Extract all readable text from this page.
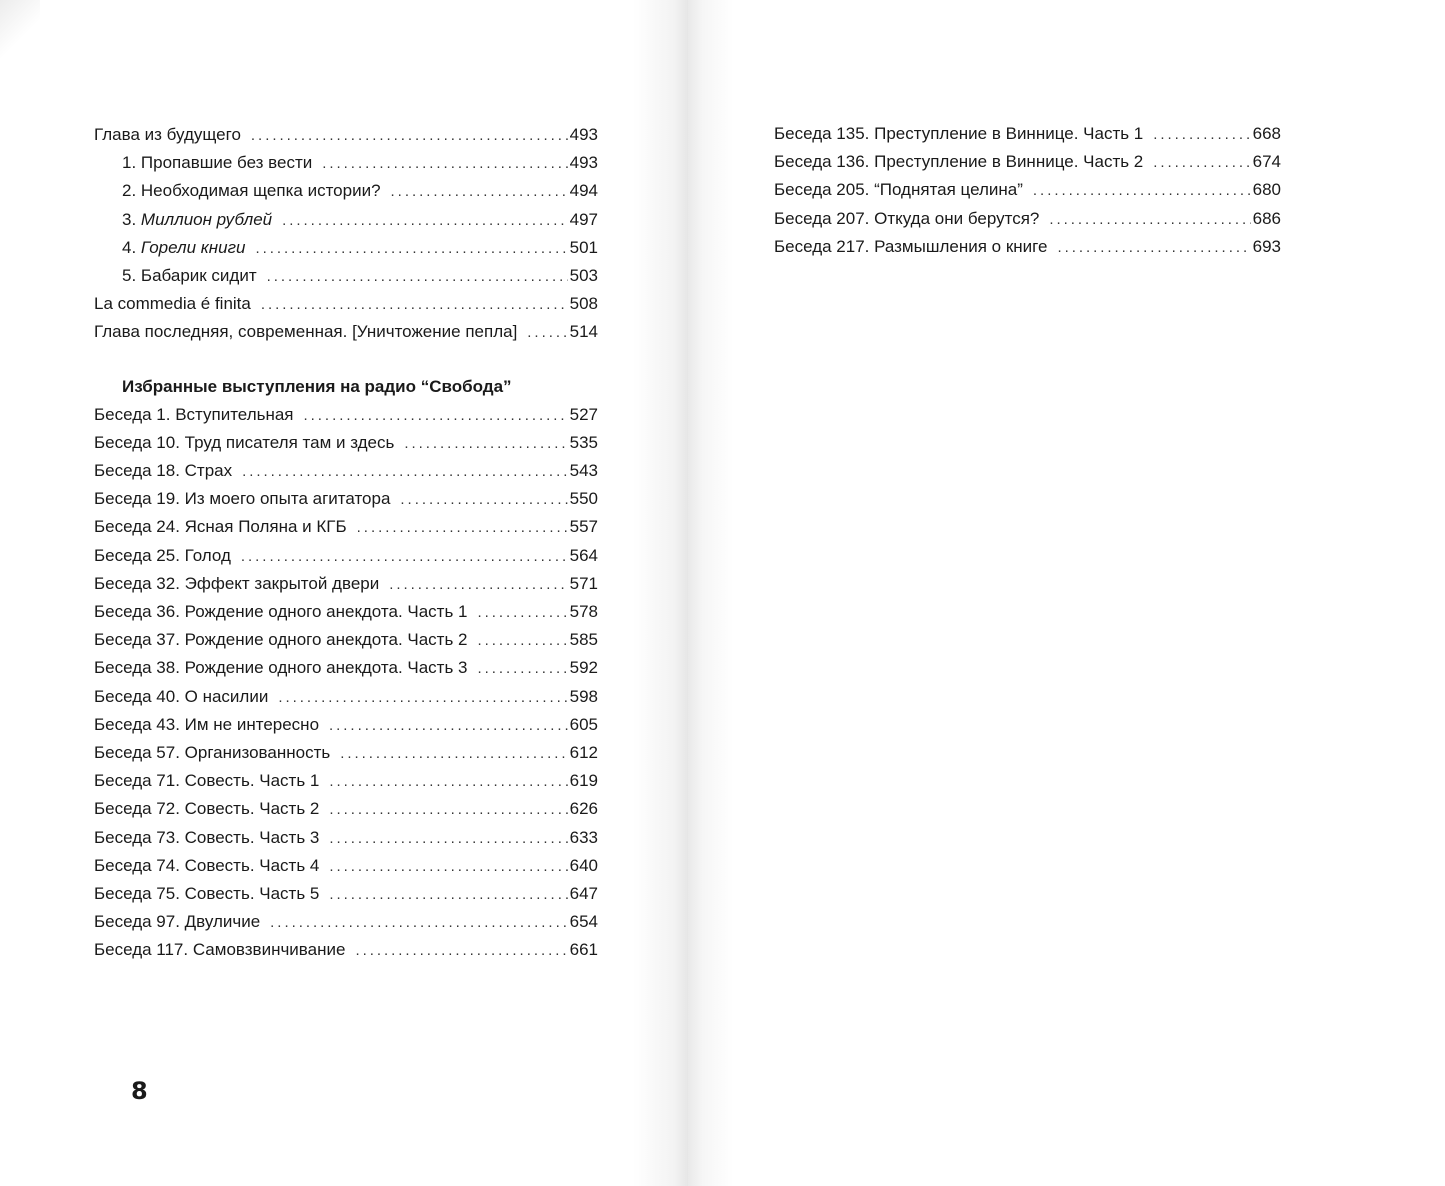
Глава из будущего . . .	493
1. Пропавшие без вести . . .	493
2. Необходимая щепка истории? . . .	494
3. Миллион рублей . . .	497
4. Горели книги . . .	501
5. Бабарик сидит . . .	503
La commedia é finita . . .	508
Глава последняя, современная. [Уничтожение пепла] . . .	514
Избранные выступления на радио “Свобода”
Беседа 1. Вступительная . . .	527
Беседа 10. Труд писателя там и здесь . . .	535
Беседа 18. Страх . . .	543
Беседа 19. Из моего опыта агитатора . . .	550
Беседа 24. Ясная Поляна и КГБ . . .	557
Беседа 25. Голод . . .	564
Беседа 32. Эффект закрытой двери . . .	571
Беседа 36. Рождение одного анекдота. Часть 1 . . .	578
Беседа 37. Рождение одного анекдота. Часть 2 . . .	585
Беседа 38. Рождение одного анекдота. Часть 3 . . .	592
Беседа 40. О насилии . . .	598
Беседа 43. Им не интересно . . .	605
Беседа 57. Организованность . . .	612
Беседа 71. Совесть. Часть 1 . . .	619
Беседа 72. Совесть. Часть 2 . . .	626
Беседа 73. Совесть. Часть 3 . . .	633
Беседа 74. Совесть. Часть 4 . . .	640
Беседа 75. Совесть. Часть 5 . . .	647
Беседа 97. Двуличие . . .	654
Беседа 117. Самовзвинчивание . . .	661
8
Беседа 135. Преступление в Виннице. Часть 1 . . .	668
Беседа 136. Преступление в Виннице. Часть 2 . . .	674
Беседа 205. “Поднятая целина” . . .	680
Беседа 207. Откуда они берутся? . . .	686
Беседа 217. Размышления о книге . . .	693
